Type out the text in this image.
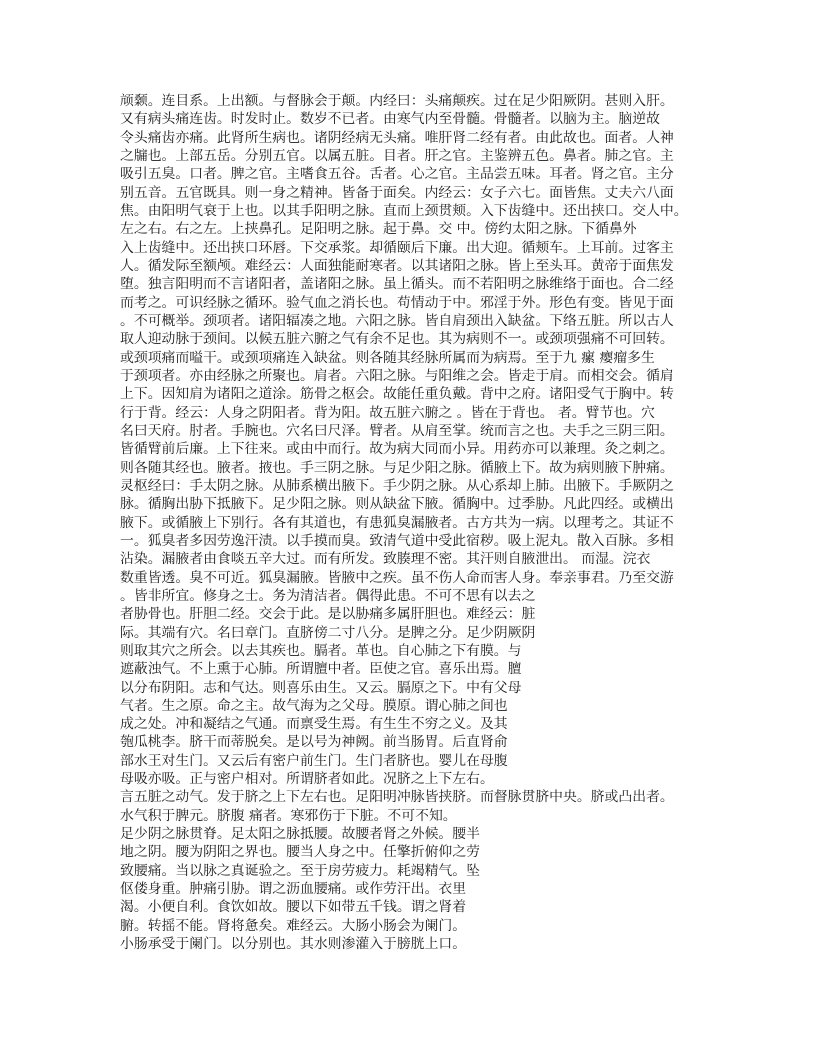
颃颡。连目系。上出额。与督脉会于颠。内经曰：头痛颠疾。过在足少阳厥阴。甚则入肝。
又有病头痛连齿。时发时止。数岁不已者。由寒气内至骨髓。骨髓者。以脑为主。脑逆故
令头痛齿亦痛。此肾所生病也。诸阴经病无头痛。唯肝肾二经有者。由此故也。面者。人神
之牖也。上部五岳。分别五官。以属五脏。目者。肝之官。主鉴辨五色。鼻者。肺之官。主
吸引五臭。口者。脾之官。主嗜食五谷。舌者。心之官。主品尝五味。耳者。肾之官。主分
别五音。五官既具。则一身之精神。皆备于面矣。内经云：女子六七。面皆焦。丈夫六八面
焦。由阳明气衰于上也。以其手阳明之脉。直而上颈贯颊。入下齿缝中。还出挟口。交人中。
左之右。右之左。上挟鼻孔。足阳明之脉。起于鼻。交 中。傍约太阳之脉。下循鼻外
入上齿缝中。还出挟口环唇。下交承浆。却循颐后下廉。出大迎。循颊车。上耳前。过客主
人。循发际至额颅。难经云：人面独能耐寒者。以其诸阳之脉。皆上至头耳。黄帝于面焦发
堕。独言阳明而不言诸阳者，盖诸阳之脉。虽上循头。而不若阳明之脉维络于面也。合二经
而考之。可识经脉之循环。验气血之消长也。苟情动于中。邪淫于外。形色有变。皆见于面
。不可概举。颈项者。诸阳辐凑之地。六阳之脉。皆自肩颈出入缺盆。下络五脏。所以古人
取人迎动脉于颈间。以候五脏六腑之气有余不足也。其为病则不一。或颈项强痛不可回转。
或颈项痛而嗌干。或颈项痛连入缺盆。则各随其经脉所属而为病焉。至于九 瘰 瘿瘤多生
于颈项者。亦由经脉之所聚也。肩者。六阳之脉。与阳维之会。皆走于肩。而相交会。循肩
上下。因知肩为诸阳之道涂。筋骨之枢会。故能任重负戴。背中之府。诸阳受气于胸中。转
行于背。经云：人身之阴阳者。背为阳。故五脏六腑之 。皆在于背也。 者。臂节也。穴
名曰天府。肘者。手腕也。穴名曰尺泽。臂者。从肩至掌。统而言之也。夫手之三阴三阳。
皆循臂前后廉。上下往来。或由中而行。故为病大同而小异。用药亦可以兼理。灸之刺之。
则各随其经也。腋者。掖也。手三阴之脉。与足少阳之脉。循腋上下。故为病则腋下肿痛。
灵枢经曰：手太阴之脉。从肺系横出腋下。手少阴之脉。从心系却上肺。出腋下。手厥阴之
脉。循胸出胁下抵腋下。足少阳之脉。则从缺盆下腋。循胸中。过季胁。凡此四经。或横出
腋下。或循腋上下别行。各有其道也，有患狐臭漏腋者。古方共为一病。以理考之。其证不
一。狐臭者多因劳逸汗渍。以手摸而臭。致清气道中受此宿秽。吸上泥丸。散入百脉。多相
沾染。漏腋者由食啖五辛大过。而有所发。致腠理不密。其汗则自腋泄出。 而湿。浣衣
数重皆透。臭不可近。狐臭漏腋。皆腋中之疾。虽不伤人命而害人身。奉亲事君。乃至交游
。皆非所宜。修身之士。务为清洁者。偶得此患。不可不思有以去之
者胁骨也。肝胆二经。交会于此。是以胁痛多属肝胆也。难经云：脏
际。其端有穴。名曰章门。直脐傍二寸八分。是脾之分。足少阴厥阴
则取其穴之所会。以去其疾也。膈者。革也。自心肺之下有膜。与
遮蔽浊气。不上熏于心肺。所谓膻中者。臣使之官。喜乐出焉。膻
以分布阴阳。志和气达。则喜乐由生。又云。膈原之下。中有父母
气者。生之原。命之主。故气海为之父母。膜原。谓心肺之间也
成之处。冲和凝结之气通。而禀受生焉。有生生不穷之义。及其
匏瓜桃李。脐干而蒂脱矣。是以号为神阙。前当肠胃。后直肾俞
部水王对生门。又云后有密户前生门。生门者脐也。婴儿在母腹
母吸亦吸。正与密户相对。所谓脐者如此。况脐之上下左右。
言五脏之动气。发于脐之上下左右也。足阳明冲脉皆挟脐。而督脉贯脐中央。脐或凸出者。
水气积于脾元。脐腹 痛者。寒邪伤于下脏。不可不知。
足少阴之脉贯脊。足太阳之脉抵腰。故腰者肾之外候。腰半
地之阴。腰为阴阳之界也。腰当人身之中。任擎折俯仰之劳
致腰痛。当以脉之真诞验之。至于房劳疲力。耗竭精气。坠
伛偻身重。肿痛引胁。谓之沥血腰痛。或作劳汗出。衣里
渴。小便自利。食饮如故。腰以下如带五千钱。谓之肾着
腑。转摇不能。肾将惫矣。难经云。大肠小肠会为阑门。
小肠承受于阑门。以分别也。其水则渗灌入于膀胱上口。
